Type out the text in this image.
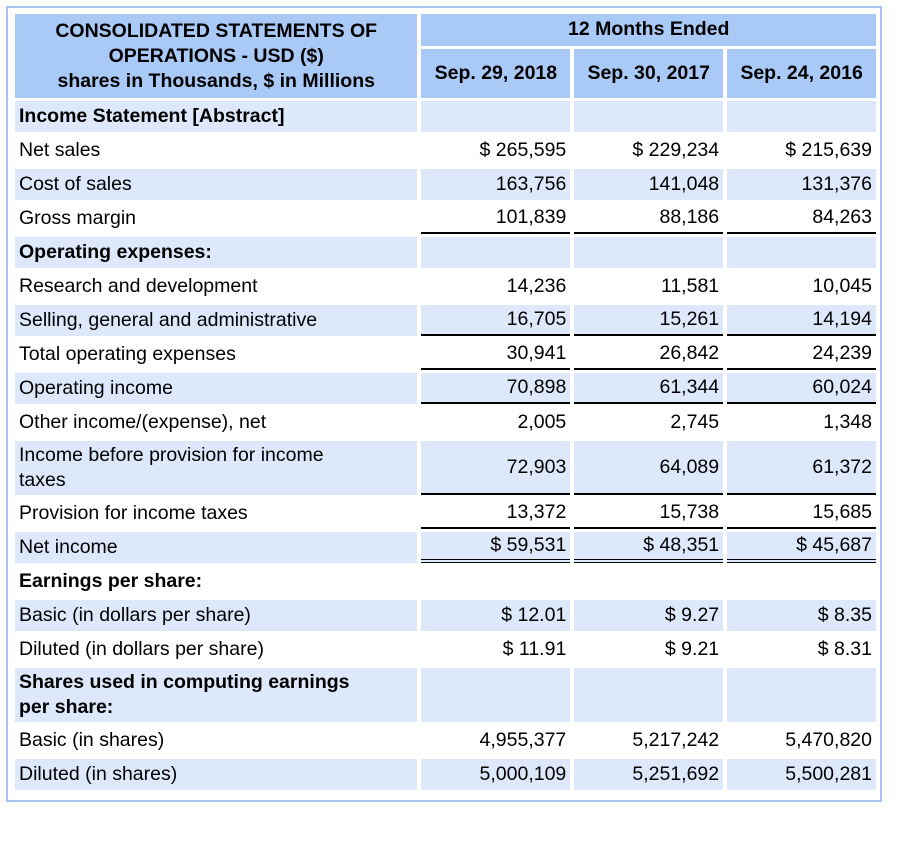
CONSOLIDATED STATEMENTS OF
OPERATIONS - USD ($)
shares in Thousands, $ in Millions	12 Months Ended		
	Sep. 29, 2018	Sep. 30, 2017	Sep. 24, 2016
Income Statement [Abstract]			
Net sales	$ 265,595	$ 229,234	$ 215,639
Cost of sales	163,756	141,048	131,376
Gross margin	101,839	88,186	84,263
Operating expenses:			
Research and development	14,236	11,581	10,045
Selling, general and administrative	16,705	15,261	14,194
Total operating expenses	30,941	26,842	24,239
Operating income	70,898	61,344	60,024
Other income/(expense), net	2,005	2,745	1,348
Income before provision for income
taxes	72,903	64,089	61,372
Provision for income taxes	13,372	15,738	15,685
Net income	$ 59,531	$ 48,351	$ 45,687
Earnings per share:			
Basic (in dollars per share)	$ 12.01	$ 9.27	$ 8.35
Diluted (in dollars per share)	$ 11.91	$ 9.21	$ 8.31
Shares used in computing earnings
per share:			
Basic (in shares)	4,955,377	5,217,242	5,470,820
Diluted (in shares)	5,000,109	5,251,692	5,500,281
